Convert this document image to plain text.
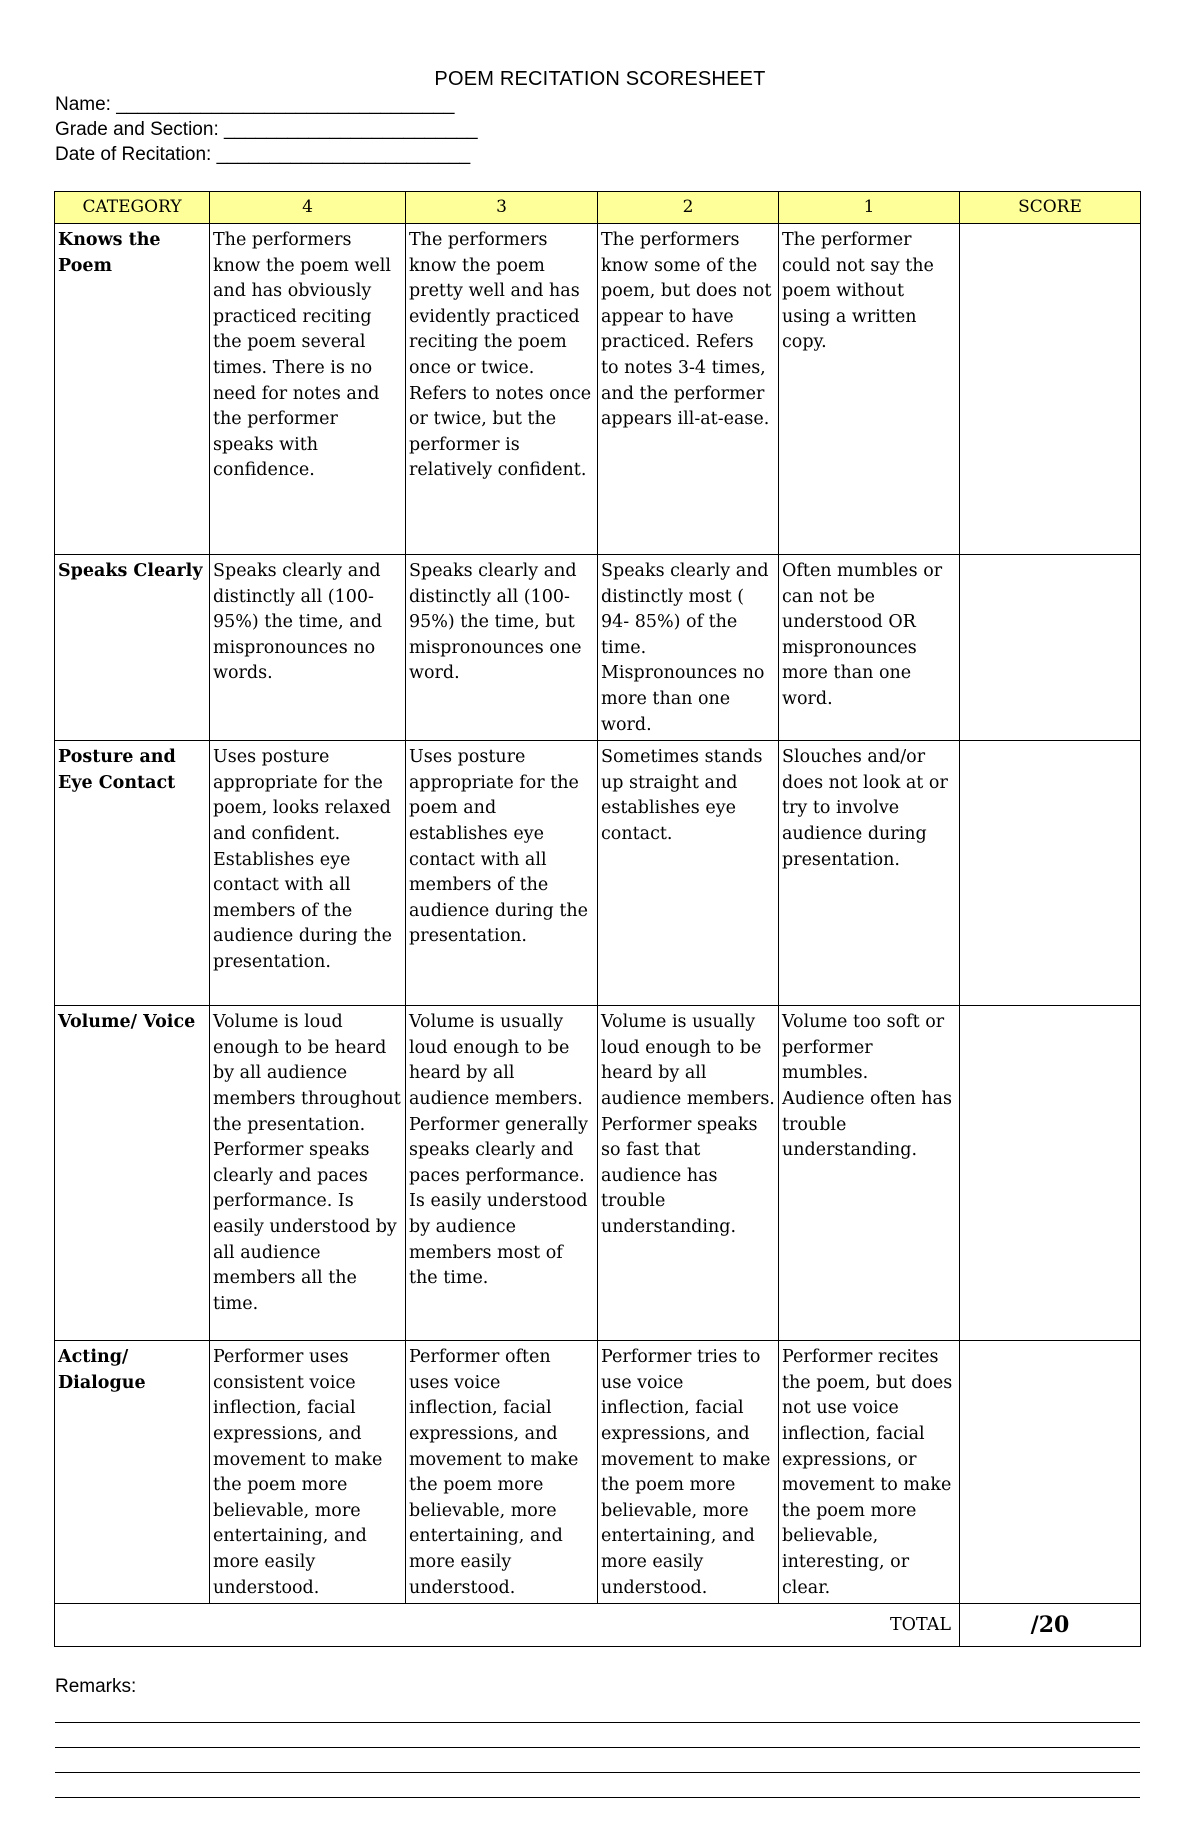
POEM RECITATION SCORESHEET
Name: ________________________________
Grade and Section: ________________________
Date of Recitation: ________________________
CATEGORY	4	3	2	1	SCORE
Knows the Poem	The performers know the poem well and has obviously practiced reciting the poem several times. There is no need for notes and the performer speaks with confidence.	The performers know the poem pretty well and has evidently practiced reciting the poem once or twice. Refers to notes once or twice, but the performer is relatively confident.	The performers know some of the poem, but does not appear to have practiced. Refers to notes 3-4 times, and the performer appears ill-at-ease.	The performer could not say the poem without using a written copy.	
Speaks Clearly	Speaks clearly and distinctly all (100-95%) the time, and mispronounces no words.	Speaks clearly and distinctly all (100-95%) the time, but mispronounces one word.	Speaks clearly and distinctly most ( 94- 85%) of the time. Mispronounces no more than one word.	Often mumbles or can not be understood OR mispronounces more than one word.	
Posture and Eye Contact	Uses posture appropriate for the poem, looks relaxed and confident. Establishes eye contact with all members of the audience during the presentation.	Uses posture appropriate for the poem and establishes eye contact with all members of the audience during the presentation.	Sometimes stands up straight and establishes eye contact.	Slouches and/or does not look at or try to involve audience during presentation.	
Volume/ Voice	Volume is loud enough to be heard by all audience members throughout the presentation. Performer speaks clearly and paces performance. Is easily understood by all audience members all the time.	Volume is usually loud enough to be heard by all audience members. Performer generally speaks clearly and paces performance. Is easily understood by audience members most of the time.	Volume is usually loud enough to be heard by all audience members. Performer speaks so fast that audience has trouble understanding.	Volume too soft or performer mumbles. Audience often has trouble understanding.	
Acting/ Dialogue	Performer uses consistent voice inflection, facial expressions, and movement to make the poem more believable, more entertaining, and more easily understood.	Performer often uses voice inflection, facial expressions, and movement to make the poem more believable, more entertaining, and more easily understood.	Performer tries to use voice inflection, facial expressions, and movement to make the poem more believable, more entertaining, and more easily understood.	Performer recites the poem, but does not use voice inflection, facial expressions, or movement to make the poem more believable, interesting, or clear.	
TOTAL					/20
Remarks:
